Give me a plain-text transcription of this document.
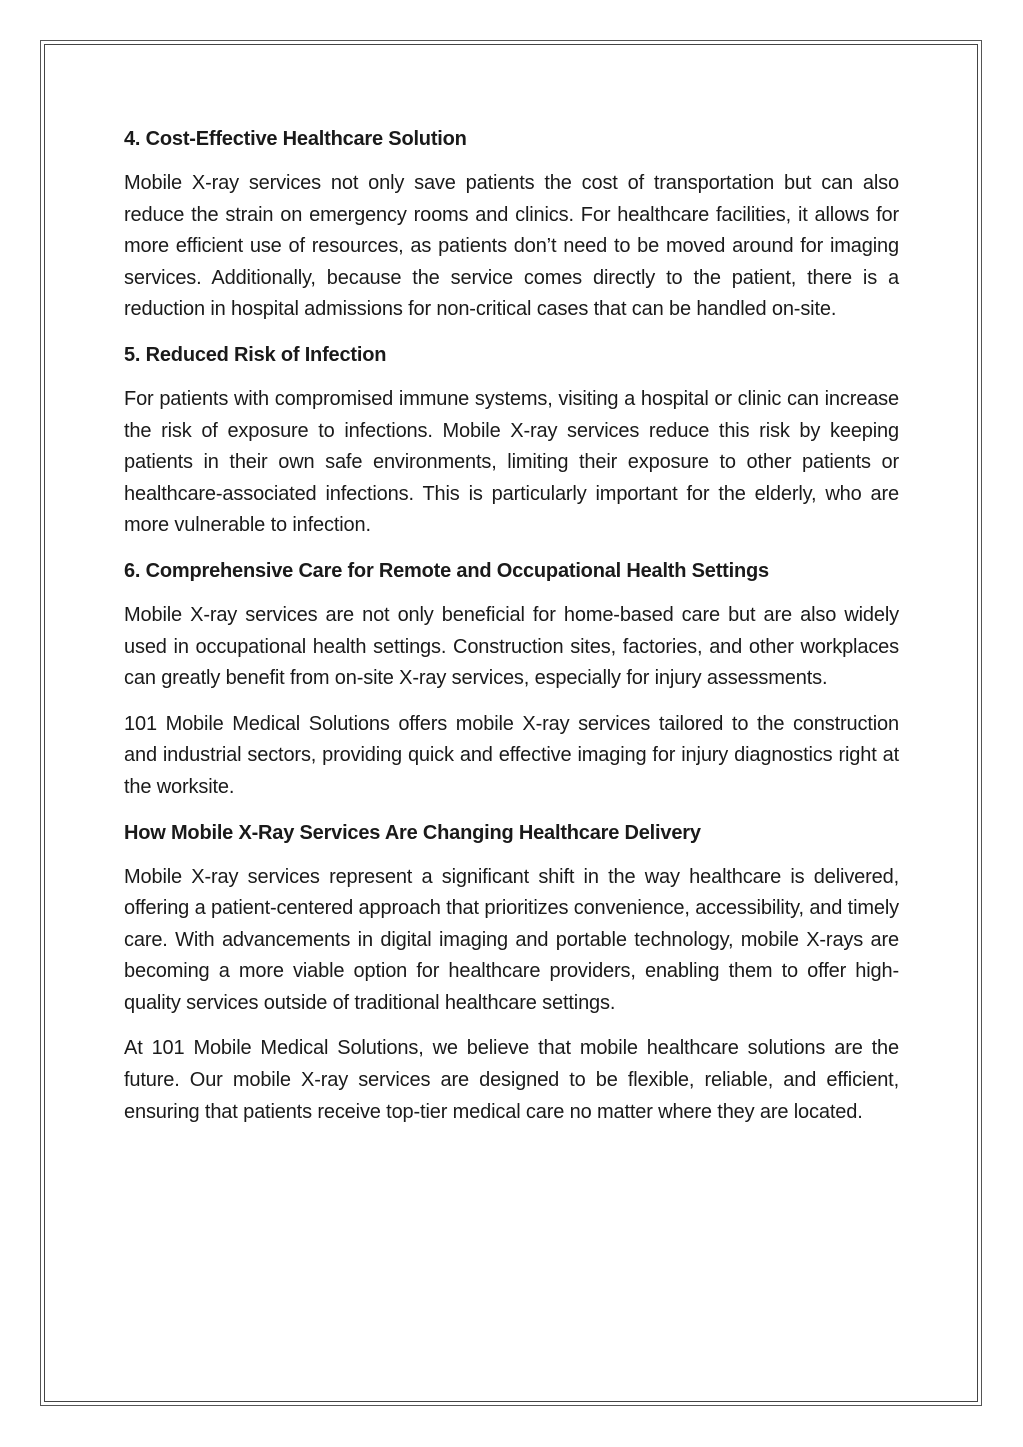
4. Cost-Effective Healthcare Solution

Mobile X-ray services not only save patients the cost of transportation but can also reduce the strain on emergency rooms and clinics. For healthcare facilities, it allows for more efficient use of resources, as patients don’t need to be moved around for imaging services. Additionally, because the service comes directly to the patient, there is a reduction in hospital admissions for non-critical cases that can be handled on-site.

5. Reduced Risk of Infection

For patients with compromised immune systems, visiting a hospital or clinic can increase the risk of exposure to infections. Mobile X-ray services reduce this risk by keeping patients in their own safe environments, limiting their exposure to other patients or healthcare-associated infections. This is particularly important for the elderly, who are more vulnerable to infection.

6. Comprehensive Care for Remote and Occupational Health Settings

Mobile X-ray services are not only beneficial for home-based care but are also widely used in occupational health settings. Construction sites, factories, and other workplaces can greatly benefit from on-site X-ray services, especially for injury assessments.

101 Mobile Medical Solutions offers mobile X-ray services tailored to the construction and industrial sectors, providing quick and effective imaging for injury diagnostics right at the worksite.

How Mobile X-Ray Services Are Changing Healthcare Delivery

Mobile X-ray services represent a significant shift in the way healthcare is delivered, offering a patient-centered approach that prioritizes convenience, accessibility, and timely care. With advancements in digital imaging and portable technology, mobile X-rays are becoming a more viable option for healthcare providers, enabling them to offer high-quality services outside of traditional healthcare settings.

At 101 Mobile Medical Solutions, we believe that mobile healthcare solutions are the future. Our mobile X-ray services are designed to be flexible, reliable, and efficient, ensuring that patients receive top-tier medical care no matter where they are located.
